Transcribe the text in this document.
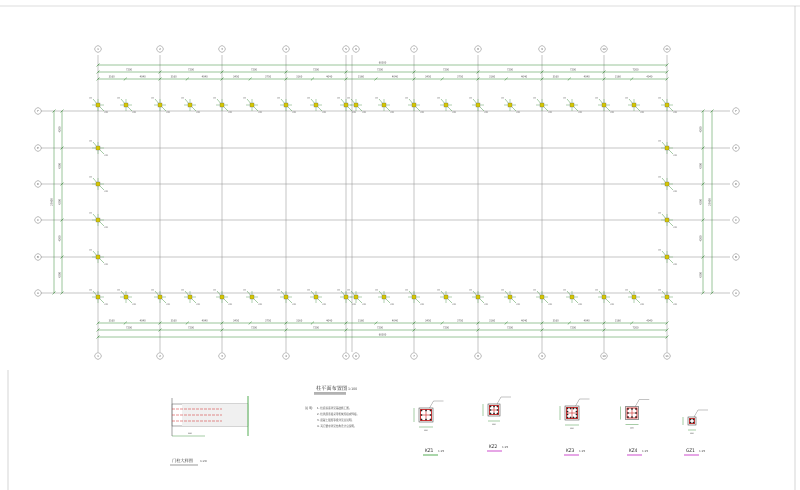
60300
7200	7200	7200	7200	7200	7200	7200	7200	7200
3160	4040	3160	4040	3450	3750	3160	4040	3160	4040	3450	3750	3160	4040	3160	4040	3160	4040
3160	4040	3160	4040	3450	3750	3160	4040	3160	4040	3450	3750	3160	4040	3160	4040	3160	4040
7200	7200	7200	7200	7200	7200	7200	7200	7200
60300
4200
4200
4200
4200
4200
25600
4200
4200
4200
4200
4200
25600
KZ1
200
KZ1
200
KZ1
200
KZ1
200
KZ1
200
KZ1
200
KZ1
200
KZ1
200
KZ1
200
KZ1
200
KZ1
200
KZ1
200
KZ1
200
KZ1
200
KZ1
200
KZ1
200
KZ1
200
KZ1
200
KZ1
200
KZ1
200
KZ1
200
KZ1
200
KZ1
200
KZ1
200
KZ1
200
KZ1
200
KZ1
200
KZ1
200
KZ1
200
KZ1
200
KZ1
200
KZ1
200
KZ1
200
KZ1
200
KZ1
200
KZ1
200
KZ1
200
KZ1
200
KZ1
200
KZ1
200
KZ1
200
KZ1
200
KZ1
200
KZ1
200
KZ1
200
KZ1
200
KZ1
200
KZ1
200
1
1
2
2
3
3
4
4
5
5
6
6
7
7
8
8
9
9
10
10
11
11
F	F
E	E
D	D
C	C
B	B
A	A
600
400
400
400	400
400
柱平面布置图 1:100
说 明： 1. 柱底标高详见基础施工图。
2. 柱纵筋连接采用机械连接或焊接。
3. 混凝土强度等级详见总说明。
4. 其它要求详见结构设计总说明。
门柱大样图 1:20
KZ1 1:25
KZ2 1:25
KZ3 1:25	KZ4 1:25	GZ1 1:25
